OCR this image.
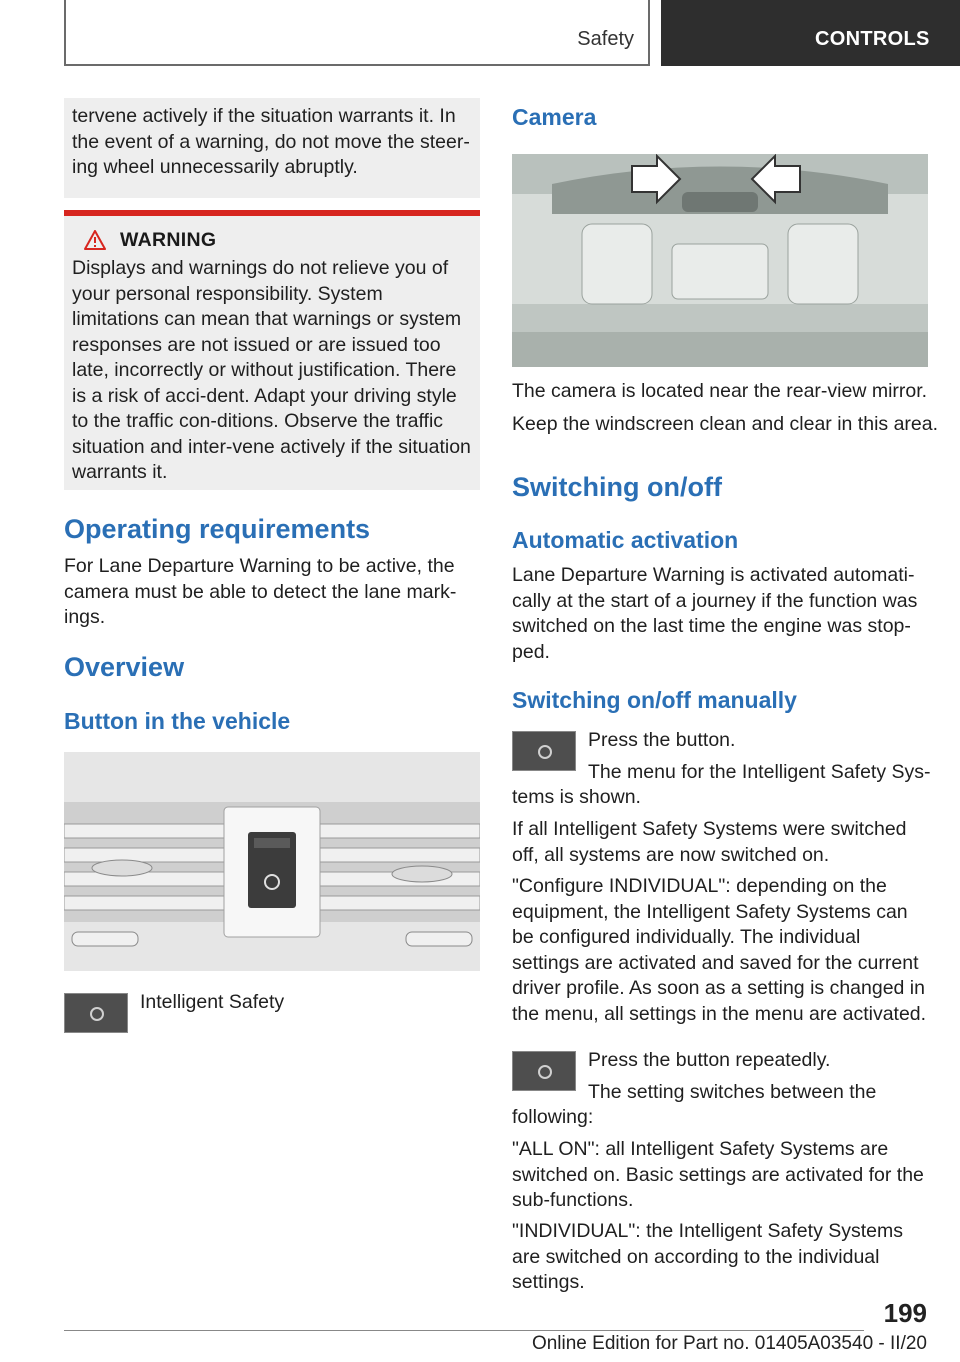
Safety	CONTROLS

tervene actively if the situation warrants it. In the event of a warning, do not move the steer-ing wheel unnecessarily abruptly.

WARNING

Displays and warnings do not relieve you of your personal responsibility. System limitations can mean that warnings or system responses are not issued or are issued too late, incorrectly or without justification. There is a risk of acci-dent. Adapt your driving style to the traffic con-ditions. Observe the traffic situation and inter-vene actively if the situation warrants it.

Operating requirements

For Lane Departure Warning to be active, the camera must be able to detect the lane mark-ings.

Overview
Button in the vehicle

Intelligent Safety

Camera

The camera is located near the rear-view mirror.

Keep the windscreen clean and clear in this area.

Switching on/off
Automatic activation

Lane Departure Warning is activated automati-cally at the start of a journey if the function was switched on the last time the engine was stop-ped.

Switching on/off manually

Press the button.

The menu for the Intelligent Safety Sys-

tems is shown.

If all Intelligent Safety Systems were switched off, all systems are now switched on.

"Configure INDIVIDUAL": depending on the equipment, the Intelligent Safety Systems can be configured individually. The individual settings are activated and saved for the current driver profile. As soon as a setting is changed in the menu, all settings in the menu are activated.

Press the button repeatedly.

The setting switches between the

following:

"ALL ON": all Intelligent Safety Systems are switched on. Basic settings are activated for the sub-functions.

"INDIVIDUAL": the Intelligent Safety Systems are switched on according to the individual settings.

199
Online Edition for Part no. 01405A03540 - II/20
